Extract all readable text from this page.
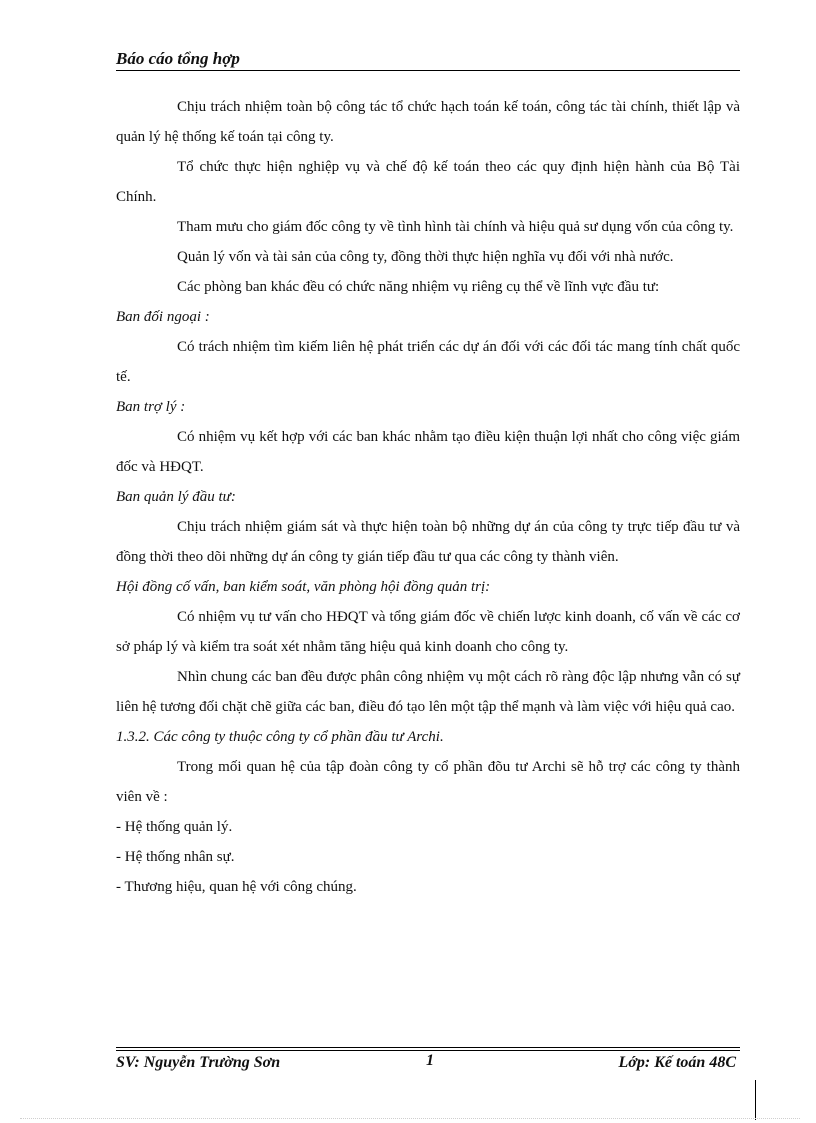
Báo cáo tổng hợp

Chịu trách nhiệm toàn bộ công tác tổ chức hạch toán kế toán, công tác tài chính, thiết lập và quản lý hệ thống kế toán tại công ty.

Tổ chức thực hiện nghiệp vụ và chế độ kế toán theo các quy định hiện hành của Bộ Tài Chính.

Tham mưu cho giám đốc công ty về tình hình tài chính và hiệu quả sư dụng vốn của công ty.

Quản lý vốn và tài sản của công ty, đồng thời thực hiện nghĩa vụ đối với nhà nước.

Các phòng ban khác đều có chức năng nhiệm vụ riêng cụ thể về lĩnh vực đầu tư:

Ban đối ngoại :

Có trách nhiệm tìm kiếm liên hệ phát triển các dự án đối với các đối tác mang tính chất quốc tế.

Ban trợ lý :

Có nhiệm vụ kết hợp với các ban khác nhằm tạo điều kiện thuận lợi nhất cho công việc giám đốc và HĐQT.

Ban quản lý đầu tư:

Chịu trách nhiệm giám sát và thực hiện toàn bộ những dự án của công ty trực tiếp đầu tư và đồng thời theo dõi những dự án công ty gián tiếp đầu tư qua các công ty thành viên.

Hội đồng cố vấn, ban kiểm soát, văn phòng hội đồng quản trị:

Có nhiệm vụ tư vấn cho HĐQT và tổng giám đốc về chiến lược kinh doanh, cố vấn về các cơ sở pháp lý và kiểm tra soát xét nhằm tăng hiệu quả kinh doanh cho công ty.

Nhìn chung các ban đều được phân công nhiệm vụ một cách rõ ràng độc lập nhưng vẫn có sự liên hệ tương đối chặt chẽ giữa các ban, điều đó tạo lên một tập thể mạnh và làm việc với hiệu quả cao.

1.3.2. Các công ty thuộc công ty cổ phần đầu tư Archi.

Trong mối quan hệ của tập đoàn công ty cổ phần đõu tư Archi sẽ hỗ trợ các công ty thành viên về :

- Hệ thống quản lý.

- Hệ thống nhân sự.

- Thương hiệu, quan hệ với công chúng.

SV: Nguyễn Trường Sơn	1	Lớp: Kế toán 48C
